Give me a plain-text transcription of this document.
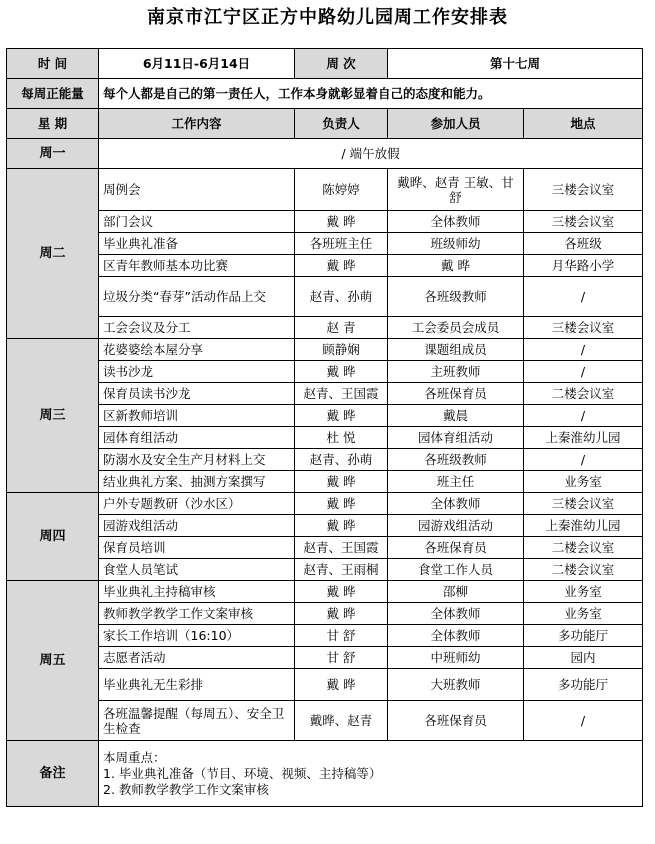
南京市江宁区正方中路幼儿园周工作安排表
时 间	6月11日-6月14日	周 次	第十七周	
每周正能量	每个人都是自己的第一责任人，工作本身就彰显着自己的态度和能力。			
星 期	工作内容	负责人	参加人员	地点
周一	/ 端午放假			
周二	周例会	陈婷婷	戴晔、赵青 王敏、甘舒	三楼会议室
	部门会议	戴 晔	全体教师	三楼会议室
	毕业典礼准备	各班班主任	班级师幼	各班级
	区青年教师基本功比赛	戴 晔	戴 晔	月华路小学
	垃圾分类“春芽”活动作品上交	赵青、孙萌	各班级教师	/
	工会会议及分工	赵 青	工会委员会成员	三楼会议室
周三	花婆婆绘本屋分享	顾静娴	课题组成员	/
	读书沙龙	戴 晔	主班教师	/
	保育员读书沙龙	赵青、王国霞	各班保育员	二楼会议室
	区新教师培训	戴 晔	戴晨	/
	园体育组活动	杜 悦	园体育组活动	上秦淮幼儿园
	防溺水及安全生产月材料上交	赵青、孙萌	各班级教师	/
	结业典礼方案、抽测方案撰写	戴 晔	班主任	业务室
周四	户外专题教研（沙水区）	戴 晔	全体教师	三楼会议室
	园游戏组活动	戴 晔	园游戏组活动	上秦淮幼儿园
	保育员培训	赵青、王国霞	各班保育员	二楼会议室
	食堂人员笔试	赵青、王雨桐	食堂工作人员	二楼会议室
周五	毕业典礼主持稿审核	戴 晔	邵柳	业务室
	教师教学教学工作文案审核	戴 晔	全体教师	业务室
	家长工作培训（16:10）	甘 舒	全体教师	多功能厅
	志愿者活动	甘 舒	中班师幼	园内
	毕业典礼无生彩排	戴 晔	大班教师	多功能厅
	各班温馨提醒（每周五）、安全卫生检查	戴晔、赵青	各班保育员	/
备注	本周重点：
1. 毕业典礼准备（节目、环境、视频、主持稿等）
2. 教师教学教学工作文案审核			
